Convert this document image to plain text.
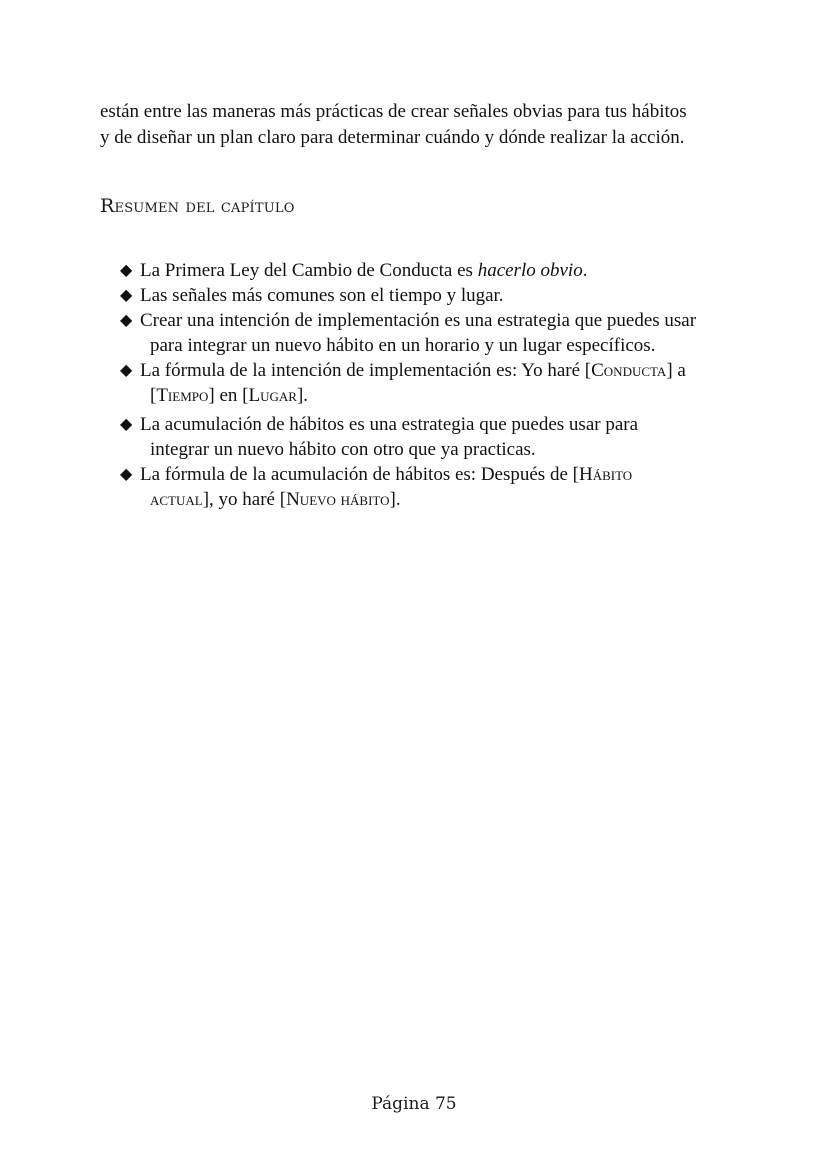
están entre las maneras más prácticas de crear señales obvias para tus hábitos
y de diseñar un plan claro para determinar cuándo y dónde realizar la acción.

Resumen del capítulo
◆ La Primera Ley del Cambio de Conducta es hacerlo obvio.
◆ Las señales más comunes son el tiempo y lugar.
◆ Crear una intención de implementación es una estrategia que puedes usar
para integrar un nuevo hábito en un horario y un lugar específicos.
◆ La fórmula de la intención de implementación es: Yo haré [Conducta] a
[Tiempo] en [Lugar].
◆ La acumulación de hábitos es una estrategia que puedes usar para
integrar un nuevo hábito con otro que ya practicas.
◆ La fórmula de la acumulación de hábitos es: Después de [Hábito
actual], yo haré [Nuevo hábito].
Página 75
